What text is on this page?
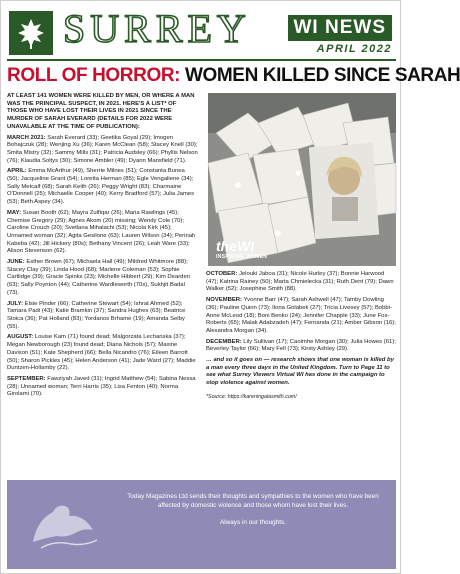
SURREY	WI NEWS
APRIL 2022
ROLL OF HORROR: WOMEN KILLED SINCE SARAH
AT LEAST 141 WOMEN WERE KILLED BY MEN, OR WHERE A MAN WAS THE PRINCIPAL SUSPECT, IN 2021. HERE'S A LIST* OF THOSE WHO HAVE LOST THEIR LIVES IN 2021 SINCE THE MURDER OF SARAH EVERARD (DETAILS FOR 2022 WERE UNAVALABLE AT THE TIME OF PUBLICATION):

MARCH 2021: Sarah Everard (33); Geetika Goyal (29); Imogen Bohajczuk (28); Wenjing Xu (36); Karen McClean (58); Stacey Knell (30); Smita Mistry (32); Sammy Mills (31); Patricia Audsley (66); Phyllis Nelson (76); Klaudia Soltys (30); Simone Ambler (49); Dyann Mansfield (71).

APRIL: Emma McArthur (49), Sherrie Milnes (51); Constanta Bunea (50); Jacqueline Grant (54); Loretta Herman (85); Egle Vengaliene (34); Sally Metcalf (68); Sarah Keith (26); Peggy Wright (83); Charmaine O'Donnell (25); Michaelle Cooper (40); Kerry Bradford (57); Julia James (53); Beth Aspey (34).

MAY: Susan Booth (62); Mayra Zulfiqar (26); Maria Rawlings (45); Chemise Gregory (29); Agnes Akom (20) missing; Wendy Cole (70); Caroline Crouch (20); Svetlana Mihalachi (53); Nicola Kirk (45); Unnamed woman (32); Agita Gesilone (63); Lauren Wilson (34); Perinah Kabeba (42); Jill Hickery (80s); Bethany Vincent (26); Leah Ware (33); Alison Stevenson (62).

JUNE: Esther Brown (67); Michaela Hall (49); Mildred Whitmore (88); Stacey Clay (39); Linda Hood (68); Marlene Coleman (53); Sophie Cartlidge (39); Gracie Spinks (23); Michelle Hibbert (29); Kim Dearden (63); Sally Poynton (44); Catherine Wardleworth (70s), Sukhjit Badal (73).

JULY: Elsie Pinder (66); Catherine Stewart (54); Ishrat Ahmed (52); Tamara Padi (43); Katie Bramkin (37); Sandra Hughes (63); Beatrice Stoica (36); Pat Holland (83); Yordanos Brhame (19); Amanda Selby (55).

AUGUST: Louise Kam (71) found dead; Malgorzata Lechanska (37); Megan Newborough (23) found dead; Diana Nichols (57); Maxine Davison (51); Kate Shepherd (66); Bella Nicandro (76); Eileen Barrott (50); Sharon Pickles (45); Helen Anderson (41); Jade Ward (27); Maddie Duntzen-Hollamby (22).

SEPTEMBER: Fawziyah Javed (31); Ingrid Matthew (54); Sabina Nessa (28); Unnamed woman; Terri Harris (35); Lisa Fenton (40); Norma Girolami (70).

theWI
INSPIRING WOMEN

OCTOBER: Jelouki Jaboa (31); Nicole Hurley (37); Bonnie Harwood (47); Katrina Rainey (50); Marta Chmielecka (31); Ruth Dent (79); Dawn Walker (52); Josephine Smith (88).

NOVEMBER: Yvonne Barr (47); Sarah Ashwell (47); Tamby Dowling (36); Pauline Quinn (73); Ilona Golabek (27); Tricia Livesey (57); Bobbi-Anne McLeod (18); Boni Benko (24); Jennifer Chapple (33); June Fox-Roberts (65); Malak Adabzadeh (47); Fernanda (21); Amber Gibson (16); Alexandra Morgan (34).

DECEMBER: Lily Sullivan (17); Caoimhe Morgan (30); Julia Howes (61); Beverley Taylor (66); Mary Fell (73); Kirsty Ashley (29).

… and so it goes on — research shows that one woman is killed by a man every three days in the United Kingdom. Turn to Page 11 to see what Surrey Viewers Virtual WI has done in the campaign to stop violence against women.

*Source: https://kareningalasmith.com/

Today Magazines Ltd sends their thoughts and sympathies to the women who have been affected by domestic violence and those whom have lost their lives.

Always in our thoughts.
